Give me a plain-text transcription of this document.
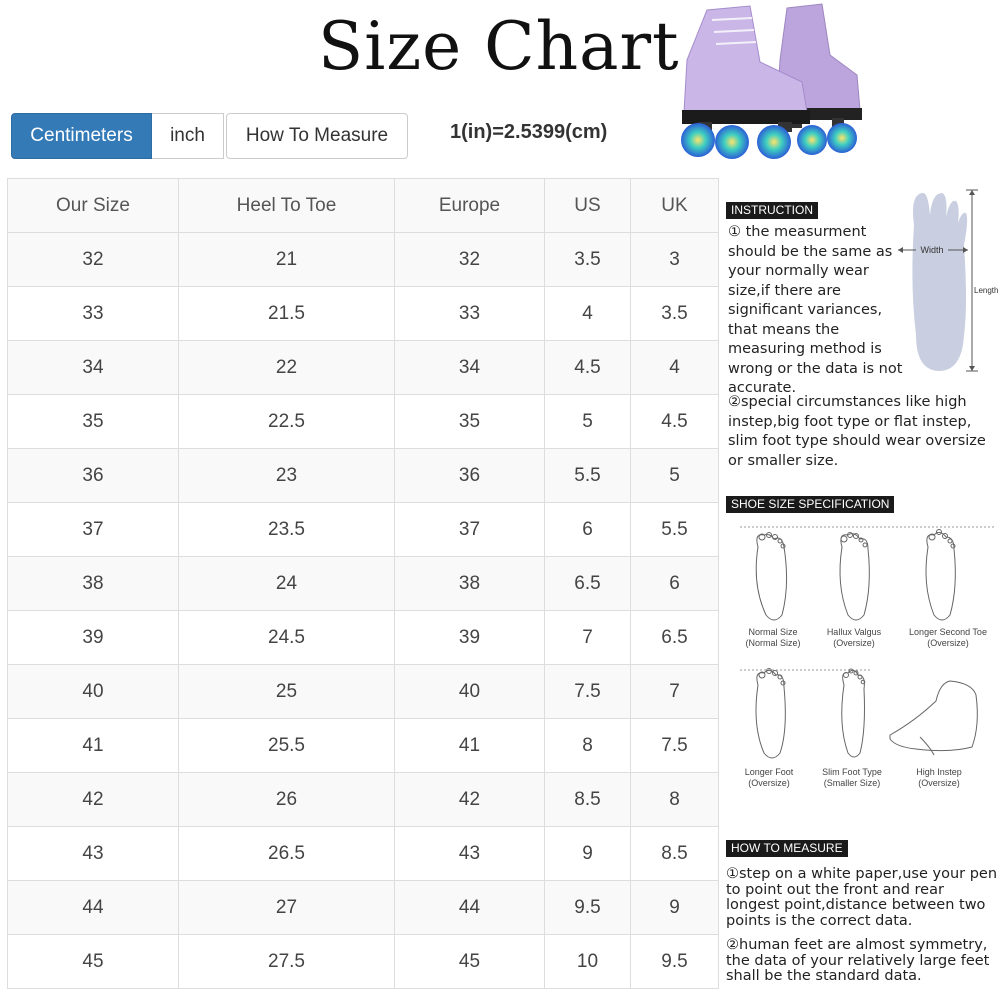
Size Chart
Centimeters	inch	How To Measure	1(in)=2.5399(cm)
Our Size	Heel To Toe	Europe	US	UK
32	21	32	3.5	3
33	21.5	33	4	3.5
34	22	34	4.5	4
35	22.5	35	5	4.5
36	23	36	5.5	5
37	23.5	37	6	5.5
38	24	38	6.5	6
39	24.5	39	7	6.5
40	25	40	7.5	7
41	25.5	41	8	7.5
42	26	42	8.5	8
43	26.5	43	9	8.5
44	27	44	9.5	9
45	27.5	45	10	9.5
INSTRUCTION

① the measurment should be the same as your normally wear size,if there are significant variances, that means the measuring method is wrong or the data is not accurate.

Width
Length

②special circumstances like high instep,big foot type or flat instep, slim foot type should wear oversize or smaller size.

SHOE SIZE SPECIFICATION
Normal Size
(Normal Size)
Hallux Valgus
(Oversize)
Longer Second Toe
(Oversize)
Longer Foot
(Oversize)
Slim Foot Type
(Smaller Size)
High Instep
(Oversize)
HOW TO MEASURE

①step on a white paper,use your pen to point out the front and rear longest point,distance between two points is the correct data.

②human feet are almost symmetry, the data of your relatively large feet shall be the standard data.
